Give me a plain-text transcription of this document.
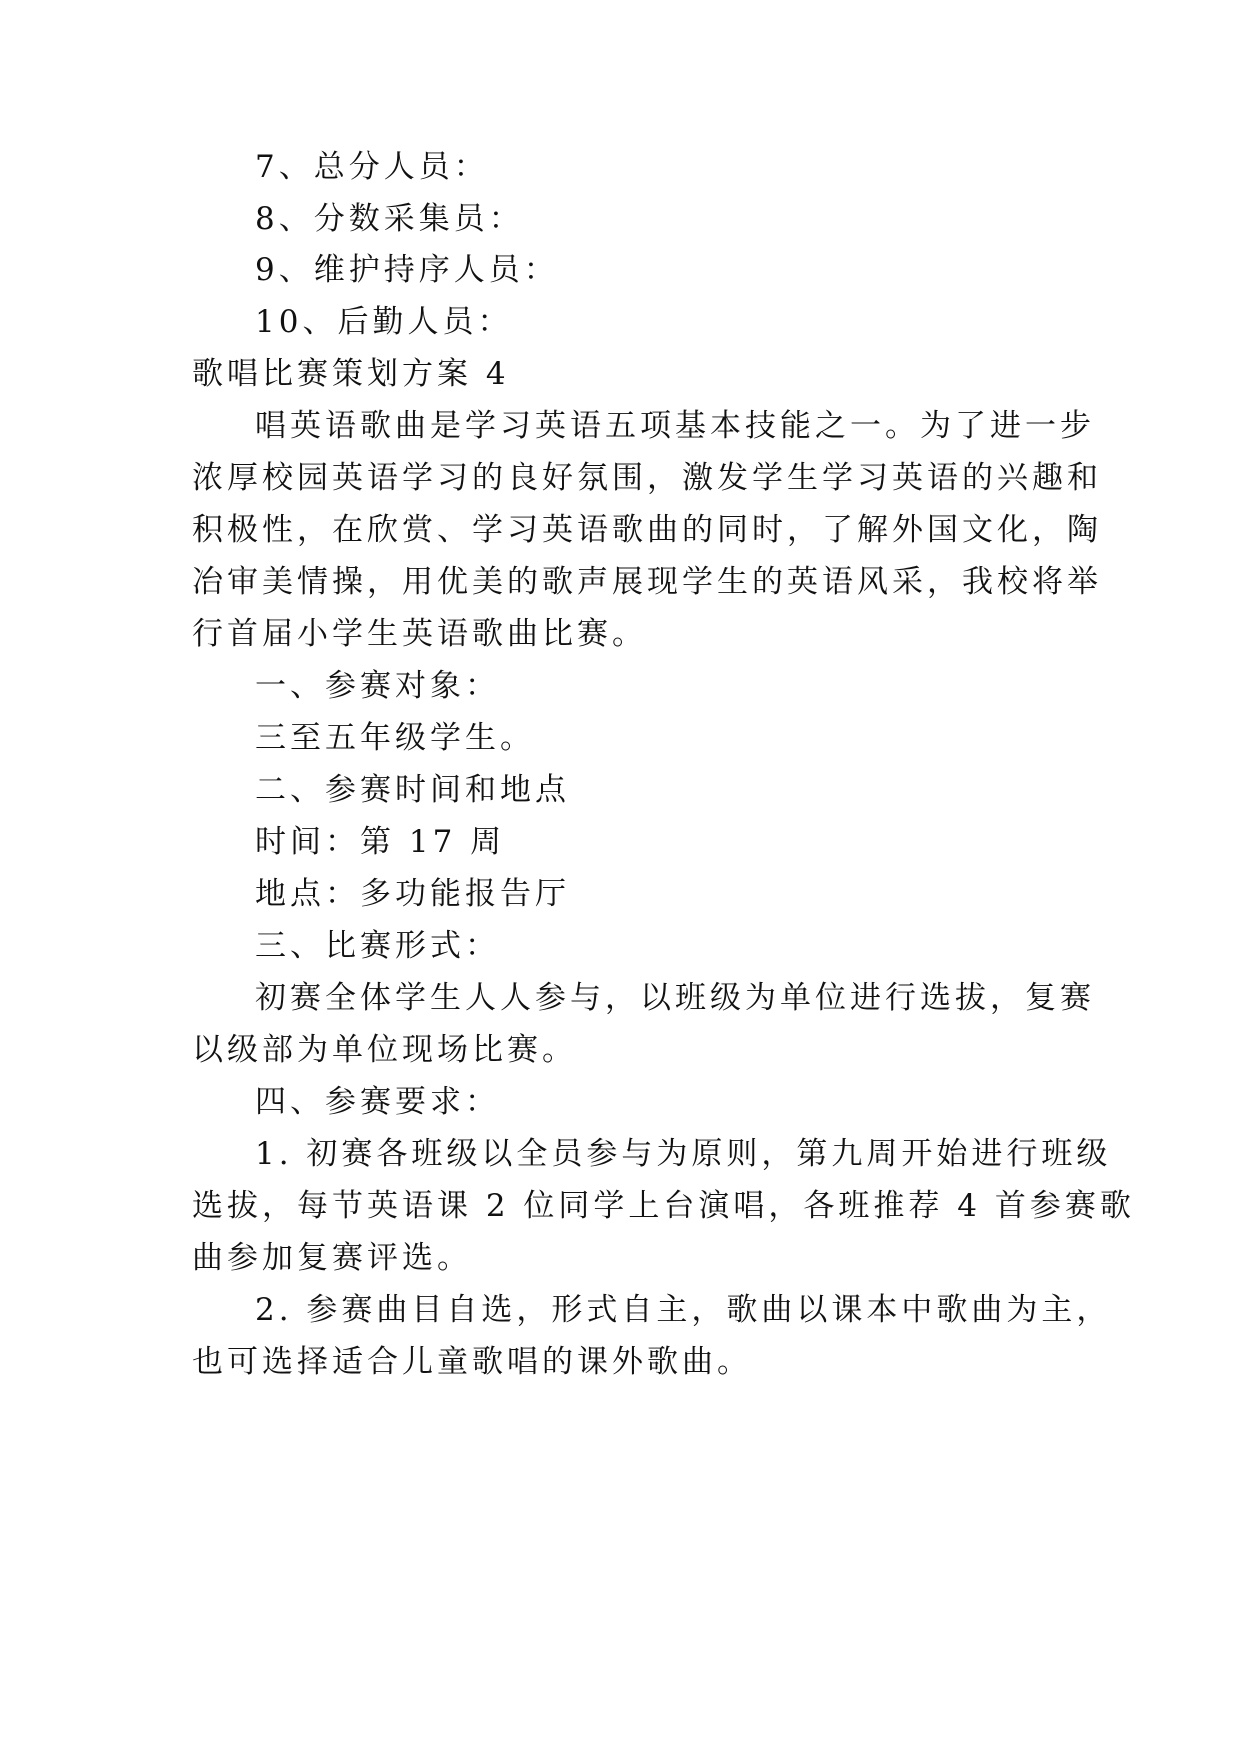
7、总分人员：
8、分数采集员：
9、维护持序人员：
10、后勤人员：
歌唱比赛策划方案 4
唱英语歌曲是学习英语五项基本技能之一。为了进一步
浓厚校园英语学习的良好氛围，激发学生学习英语的兴趣和
积极性，在欣赏、学习英语歌曲的同时，了解外国文化，陶
冶审美情操，用优美的歌声展现学生的英语风采，我校将举
行首届小学生英语歌曲比赛。
一、参赛对象：
三至五年级学生。
二、参赛时间和地点
时间：第 17 周
地点：多功能报告厅
三、比赛形式：
初赛全体学生人人参与，以班级为单位进行选拔，复赛
以级部为单位现场比赛。
四、参赛要求：
1. 初赛各班级以全员参与为原则，第九周开始进行班级
选拔，每节英语课 2 位同学上台演唱，各班推荐 4 首参赛歌
曲参加复赛评选。
2. 参赛曲目自选，形式自主，歌曲以课本中歌曲为主，
也可选择适合儿童歌唱的课外歌曲。
